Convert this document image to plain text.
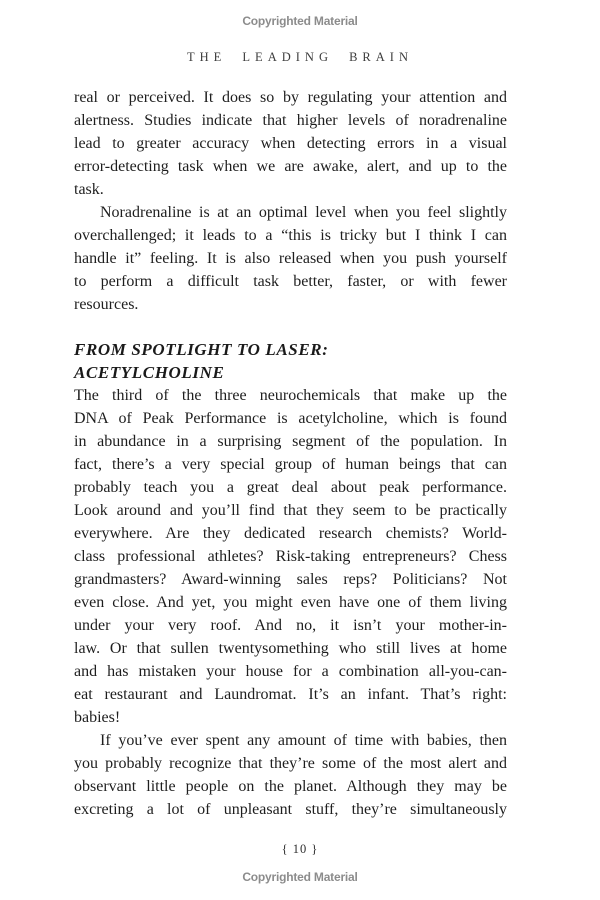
Copyrighted Material
THE LEADING BRAIN
real or perceived. It does so by regulating your attention and
alertness. Studies indicate that higher levels of noradrenaline
lead to greater accuracy when detecting errors in a visual
error-detecting task when we are awake, alert, and up to the
task.
Noradrenaline is at an optimal level when you feel slightly
overchallenged; it leads to a “this is tricky but I think I can
handle it” feeling. It is also released when you push yourself
to perform a difficult task better, faster, or with fewer
resources.
FROM SPOTLIGHT TO LASER:
ACETYLCHOLINE
The third of the three neurochemicals that make up the
DNA of Peak Performance is acetylcholine, which is found
in abundance in a surprising segment of the population. In
fact, there’s a very special group of human beings that can
probably teach you a great deal about peak performance.
Look around and you’ll find that they seem to be practically
everywhere. Are they dedicated research chemists? World-
class professional athletes? Risk-taking entrepreneurs? Chess
grandmasters? Award-winning sales reps? Politicians? Not
even close. And yet, you might even have one of them living
under your very roof. And no, it isn’t your mother-in-
law. Or that sullen twentysomething who still lives at home
and has mistaken your house for a combination all-you-can-
eat restaurant and Laundromat. It’s an infant. That’s right:
babies!
If you’ve ever spent any amount of time with babies, then
you probably recognize that they’re some of the most alert and
observant little people on the planet. Although they may be
excreting a lot of unpleasant stuff, they’re simultaneously
{ 10 }
Copyrighted Material
